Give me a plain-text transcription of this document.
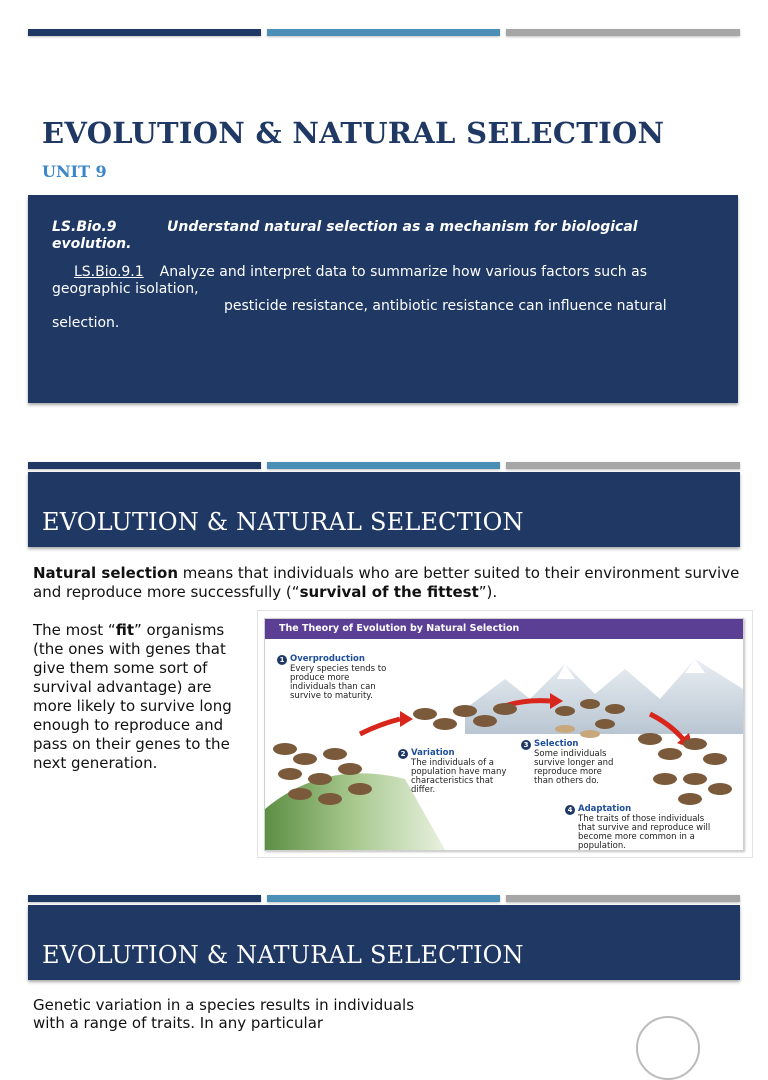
EVOLUTION & NATURAL SELECTION
UNIT 9
LS.Bio.9	Understand natural selection as a mechanism for biological evolution.
LS.Bio.9.1 Analyze and interpret data to summarize how various factors such as geographic isolation,
pesticide resistance, antibiotic resistance can influence natural selection.
EVOLUTION & NATURAL SELECTION

Natural selection means that individuals who are better suited to their environment survive and reproduce more successfully (“survival of the fittest”).

The most “fit” organisms (the ones with genes that give them some sort of survival advantage) are more likely to survive long enough to reproduce and pass on their genes to the next generation.

The Theory of Evolution by Natural Selection
1 Overproduction
Every species tends to produce more individuals than can survive to maturity.
2 Variation
The individuals of a population have many characteristics that differ.
3 Selection
Some individuals survive longer and reproduce more than others do.
4 Adaptation
The traits of those individuals that survive and reproduce will become more common in a population.
EVOLUTION & NATURAL SELECTION

Genetic variation in a species results in individuals with a range of traits. In any particular
